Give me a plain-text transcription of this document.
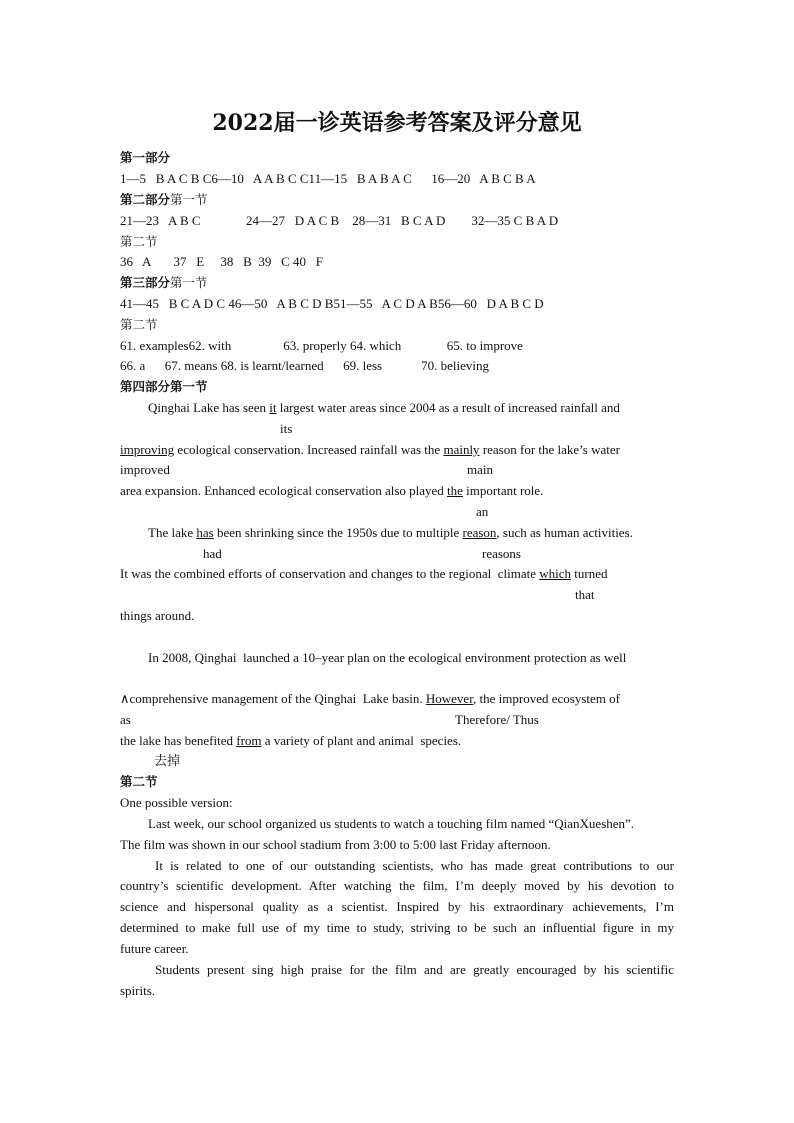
2022届一诊英语参考答案及评分意见
第一部分
1—5   B A C B C6—10   A A B C C11—15   B A B A C      16—20   A B C B A
第二部分第一节
21—23   A B C              24—27   D A C B    28—31   B C A D        32—35 C B A D
第二节
36   A       37   E     38   B  39   C 40   F
第三部分第一节
41—45   B C A D C 46—50   A B C D B51—55   A C D A B56—60   D A B C D
第二节
61. examples62. with                63. properly 64. which              65. to improve
66. a      67. means 68. is learnt/learned      69. less            70. believing
第四部分第一节
Qinghai Lake has seen it largest water areas since 2004 as a result of increased rainfall and
its
improving ecological conservation. Increased rainfall was the mainly reason for the lake’s water
improved	main
area expansion. Enhanced ecological conservation also played the important role.
an
The lake has been shrinking since the 1950s due to multiple reason, such as human activities.
had	reasons
It was the combined efforts of conservation and changes to the regional  climate which turned
that
things around.
In 2008, Qinghai  launched a 10–year plan on the ecological environment protection as well
∧comprehensive management of the Qinghai  Lake basin. However, the improved ecosystem of
as	Therefore/ Thus
the lake has benefited from a variety of plant and animal  species.
去掉
第二节
One possible version:
Last week, our school organized us students to watch a touching film named “QianXueshen”.
The film was shown in our school stadium from 3:00 to 5:00 last Friday afternoon.
It is related to one of our outstanding scientists, who has made great contributions to our
country’s scientific development. After watching the film, I’m deeply moved by his devotion to
science and hispersonal quality as a scientist. Inspired by his extraordinary achievements, I’m
determined to make full use of my time to study, striving to be such an influential figure in my
future career.
Students present sing high praise for the film and are greatly encouraged by his scientific
spirits.
